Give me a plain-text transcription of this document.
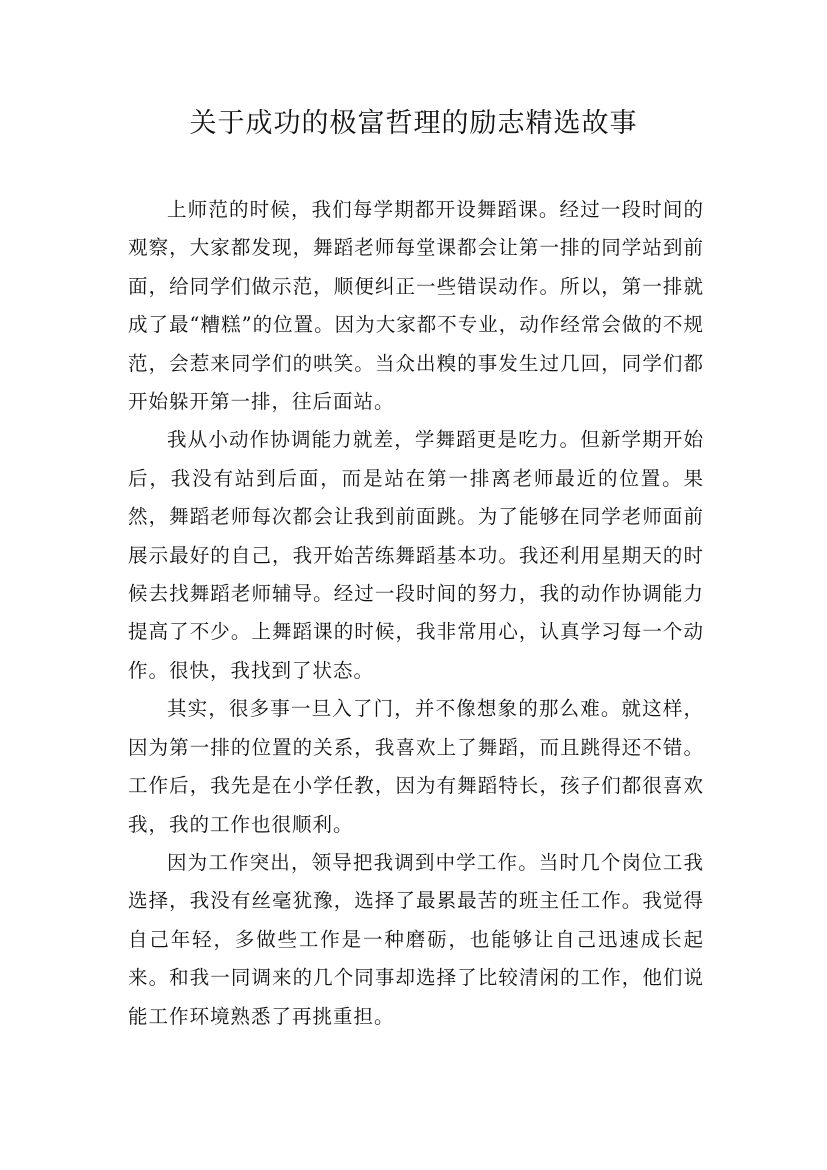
关于成功的极富哲理的励志精选故事

上师范的时候，我们每学期都开设舞蹈课。经过一段时间的观察，大家都发现，舞蹈老师每堂课都会让第一排的同学站到前面，给同学们做示范，顺便纠正一些错误动作。所以，第一排就成了最“糟糕”的位置。因为大家都不专业，动作经常会做的不规范，会惹来同学们的哄笑。当众出糗的事发生过几回，同学们都开始躲开第一排，往后面站。

我从小动作协调能力就差，学舞蹈更是吃力。但新学期开始后，我没有站到后面，而是站在第一排离老师最近的位置。果然，舞蹈老师每次都会让我到前面跳。为了能够在同学老师面前展示最好的自己，我开始苦练舞蹈基本功。我还利用星期天的时候去找舞蹈老师辅导。经过一段时间的努力，我的动作协调能力提高了不少。上舞蹈课的时候，我非常用心，认真学习每一个动作。很快，我找到了状态。

其实，很多事一旦入了门，并不像想象的那么难。就这样，因为第一排的位置的关系，我喜欢上了舞蹈，而且跳得还不错。工作后，我先是在小学任教，因为有舞蹈特长，孩子们都很喜欢我，我的工作也很顺利。

因为工作突出，领导把我调到中学工作。当时几个岗位工我选择，我没有丝毫犹豫，选择了最累最苦的班主任工作。我觉得自己年轻，多做些工作是一种磨砺，也能够让自己迅速成长起来。和我一同调来的几个同事却选择了比较清闲的工作，他们说能工作环境熟悉了再挑重担。
